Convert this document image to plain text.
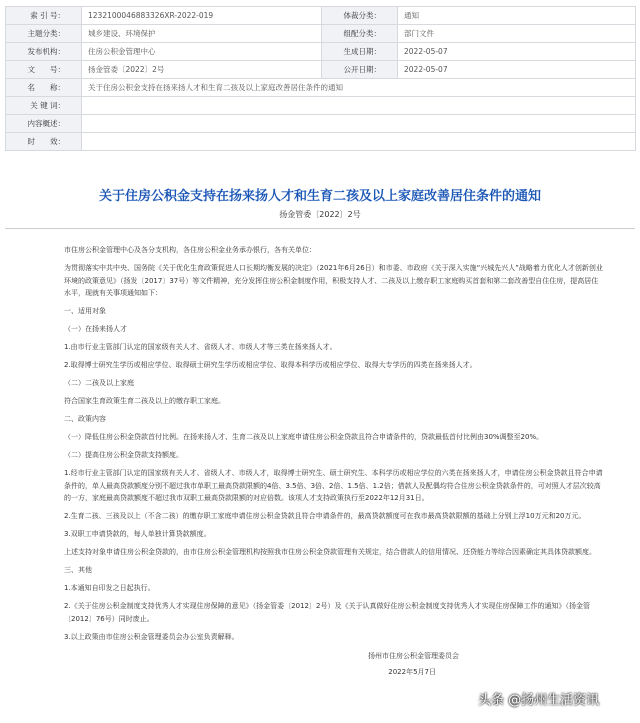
索 引 号：	12321000468833​26XR-2022-019	体裁分类：	通知
主题分类：	城乡建设、环境保护	组配分类：	部门文件
发布机构：	住房公积金管理中心	生成日期：	2022-05-07
文　　号：	扬金管委〔2022〕2号	公开日期：	2022-05-07
名　　称：	关于住房公积金支持在扬来扬人才和生育二孩及以上家庭改善居住条件的通知		
关 键 词：			
内容概述：			
时　　效：			
关于住房公积金支持在扬来扬人才和生育二孩及以上家庭改善居住条件的通知
扬金管委〔2022〕2号

市住房公积金管理中心及各分支机构，各住房公积金业务承办银行，各有关单位：

为贯彻落实中共中央、国务院《关于优化生育政策促进人口长期均衡发展的决定》（2021年6月26日）和市委、市政府《关于深入实施“兴城先兴人”战略着力优化人才创新创业环境的政策意见》（扬发〔2017〕37号）等文件精神，充分发挥住房公积金制度作用，积极支持人才、二孩及以上缴存职工家庭购买首套和第二套改善型自住住房，提高居住水平，现就有关事项通知如下：

一、适用对象

（一）在扬来扬人才

1.由市行业主管部门认定的国家级有关人才、省级人才、市级人才等三类在扬来扬人才。

2.取得博士研究生学历或相应学位、取得硕士研究生学历或相应学位、取得本科学历或相应学位、取得大专学历的四类在扬来扬人才。

（二）二孩及以上家庭

符合国家生育政策生育二孩及以上的缴存职工家庭。

二、政策内容

（一）降低住房公积金贷款首付比例。在扬来扬人才、生育二孩及以上家庭申请住房公积金贷款且符合申请条件的，贷款最低首付比例由30%调整至20%。

（二）提高住房公积金贷款支持额度。

1.经市行业主管部门认定的国家级有关人才、省级人才、市级人才，取得博士研究生、硕士研究生、本科学历或相应学位的六类在扬来扬人才，申请住房公积金贷款且符合申请条件的，单人最高贷款额度分别不超过我市单职工最高贷款限额的4倍、3.5倍、3倍、2倍、1.5倍、1.2倍；借款人及配偶均符合住房公积金贷款条件的，可对照人才层次较高的一方，家庭最高贷款额度不超过我市双职工最高贷款限额的对应倍数。该项人才支持政策执行至2022年12月31日。

2.生育二孩、三孩及以上（不含二孩）的缴存职工家庭申请住房公积金贷款且符合申请条件的，最高贷款额度可在我市最高贷款限额的基础上分别上浮10万元和20万元。

3.双职工申请贷款的，每人单独计算贷款额度。

上述支持对象申请住房公积金贷款的，由市住房公积金管理机构按照我市住房公积金贷款管理有关规定，结合借款人的信用情况、还贷能力等综合因素确定其具体贷款额度。

三、其他

1.本通知自印发之日起执行。

2.《关于住房公积金制度支持优秀人才实现住房保障的意见》（扬金管委〔2012〕2号）及《关于认真做好住房公积金制度支持优秀人才实现住房保障工作的通知》（扬金管〔2012〕76号）同时废止。

3.以上政策由市住房公积金管理委员会办公室负责解释。

扬州市住房公积金管理委员会

2022年5月7日

头条 @扬州生活资讯
